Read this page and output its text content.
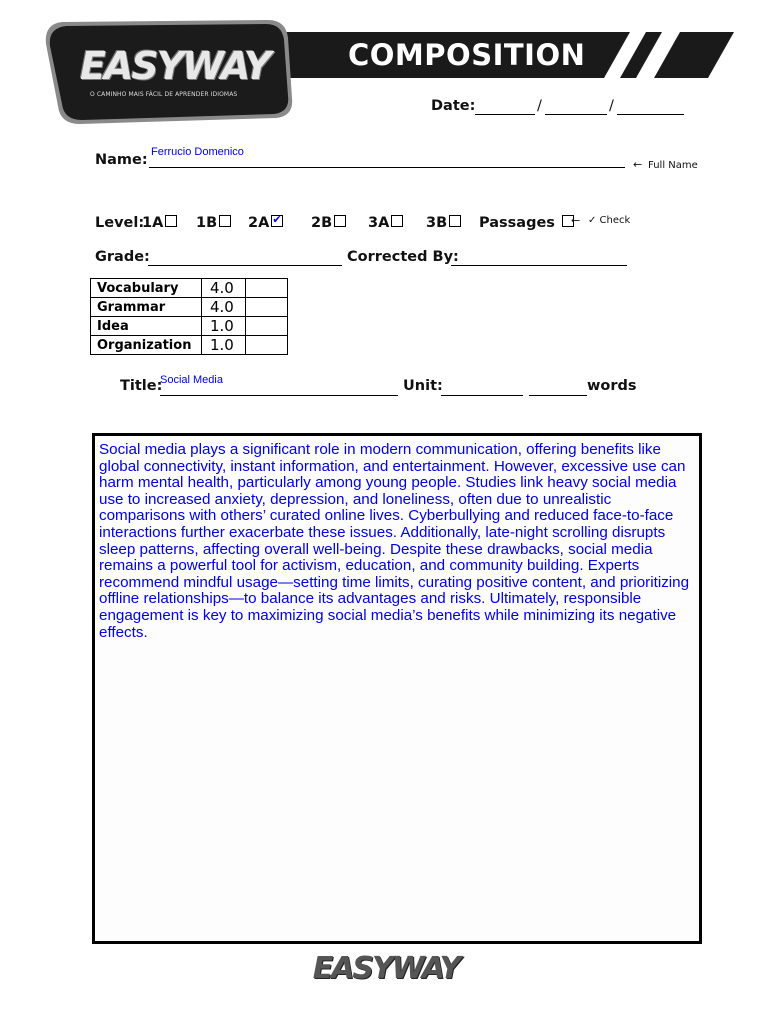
EASYWAY
O CAMINHO MAIS FÁCIL DE APRENDER IDIOMAS
COMPOSITION
Date:	/	/
Name: Ferrucio Domenico
← Full Name
Level:
1A	1B	2A ✔ 2B	3A	3B	Passages	← ✓ Check
Grade:	Corrected By:
Vocabulary	4.0	
Grammar	4.0	
Idea	1.0	
Organization	1.0	
Title:
Social Media	Unit:	words
Social media plays a significant role in modern communication, offering benefits like global connectivity, instant information, and entertainment. However, excessive use can harm mental health, particularly among young people. Studies link heavy social media use to increased anxiety, depression, and loneliness, often due to unrealistic comparisons with others’ curated online lives. Cyberbullying and reduced face-to-face interactions further exacerbate these issues. Additionally, late-night scrolling disrupts sleep patterns, affecting overall well-being. Despite these drawbacks, social media remains a powerful tool for activism, education, and community building. Experts recommend mindful usage—setting time limits, curating positive content, and prioritizing offline relationships—to balance its advantages and risks. Ultimately, responsible engagement is key to maximizing social media’s benefits while minimizing its negative effects.
EASYWAY
